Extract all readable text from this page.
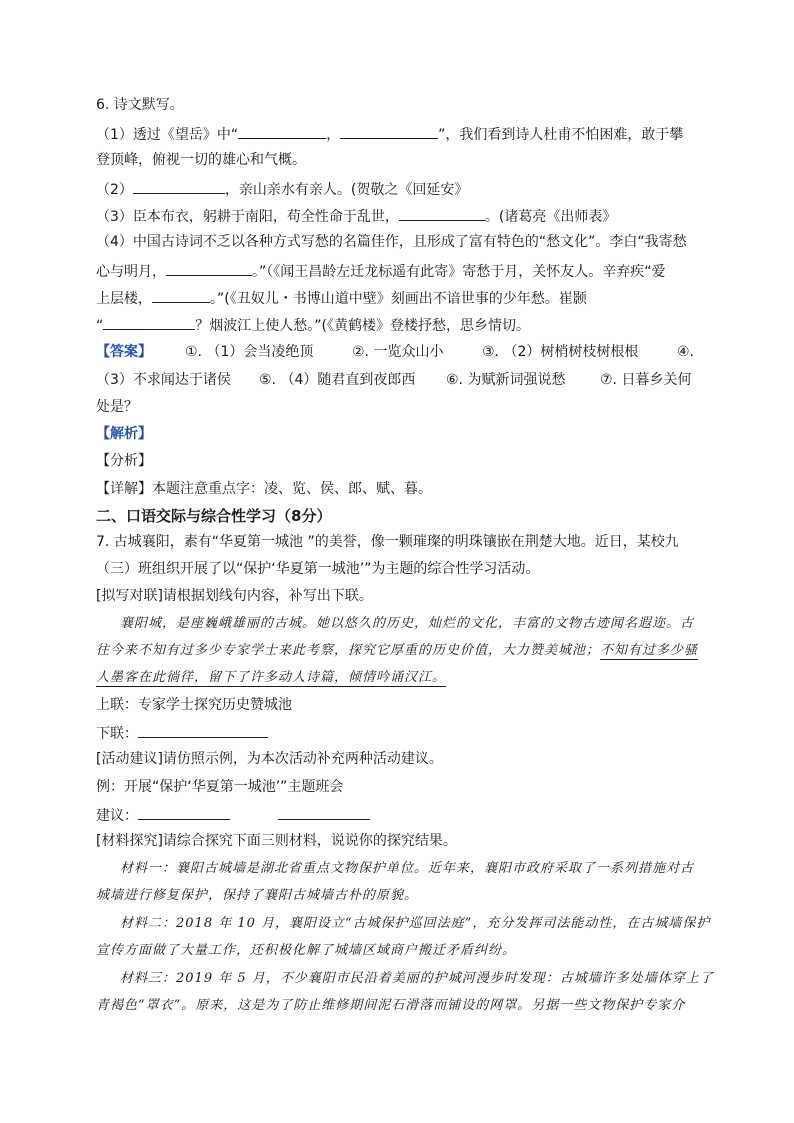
6. 诗文默写。
（1）透过《望岳》中“	，	”，我们看到诗人杜甫不怕困难，敢于攀
登顶峰，俯视一切的雄心和气概。
（2）	，亲山亲水有亲人。(贺敬之《回延安》
（3）臣本布衣，躬耕于南阳，苟全性命于乱世，	。(诸葛亮《出师表》
（4）中国古诗词不乏以各种方式写愁的名篇佳作，且形成了富有特色的“愁文化”。李白“我寄愁
心与明月，	。”（《闻王昌龄左迁龙标遥有此寄》寄愁于月，关怀友人。辛弃疾“爱
上层楼，	。”(《丑奴儿・书博山道中壁》刻画出不谙世事的少年愁。崔颢
“	？烟波江上使人愁。”(《黄鹤楼》登楼抒愁，思乡情切。
【答案】	①. （1）会当凌绝顶	②. 一览众山小	③. （2）树梢树枝树根根	④.
（3）不求闻达于诸侯 ⑤. （4）随君直到夜郎西 ⑥. 为赋新词强说愁 ⑦. 日暮乡关何
处是？
【解析】
【分析】
【详解】本题注意重点字：凌、览、侯、郎、赋、暮。
二、口语交际与综合性学习（8分）
7. 古城襄阳，素有“华夏第一城池 ”的美誉，像一颗璀璨的明珠镶嵌在荆楚大地。近日，某校九
（三）班组织开展了以“保护‘华夏第一城池’”为主题的综合性学习活动。
[拟写对联]请根据划线句内容，补写出下联。
襄阳城，是座巍峨雄丽的古城。她以悠久的历史，灿烂的文化，丰富的文物古迹闻名遐迩。古
往今来不知有过多少专家学士来此考察，探究它厚重的历史价值，大力赞美城池；不知有过多少骚
人墨客在此徜徉，留下了许多动人诗篇，倾情吟诵汉江。
上联：专家学士探究历史赞城池
下联：
[活动建议]请仿照示例，为本次活动补充两种活动建议。
例：开展“保护‘华夏第一城池’”主题班会
建议：
[材料探究]请综合探究下面三则材料，说说你的探究结果。
材料一：襄阳古城墙是湖北省重点文物保护单位。近年来，襄阳市政府采取了一系列措施对古
城墙进行修复保护，保持了襄阳古城墙古朴的原貌。
材料二：2018 年 10 月，襄阳设立“古城保护巡回法庭”，充分发挥司法能动性，在古城墙保护
宣传方面做了大量工作，还积极化解了城墙区域商户搬迁矛盾纠纷。
材料三：2019 年 5 月，不少襄阳市民沿着美丽的护城河漫步时发现：古城墙许多处墙体穿上了
青褐色“罩衣”。原来，这是为了防止维修期间泥石滑落而铺设的网罩。另据一些文物保护专家介
